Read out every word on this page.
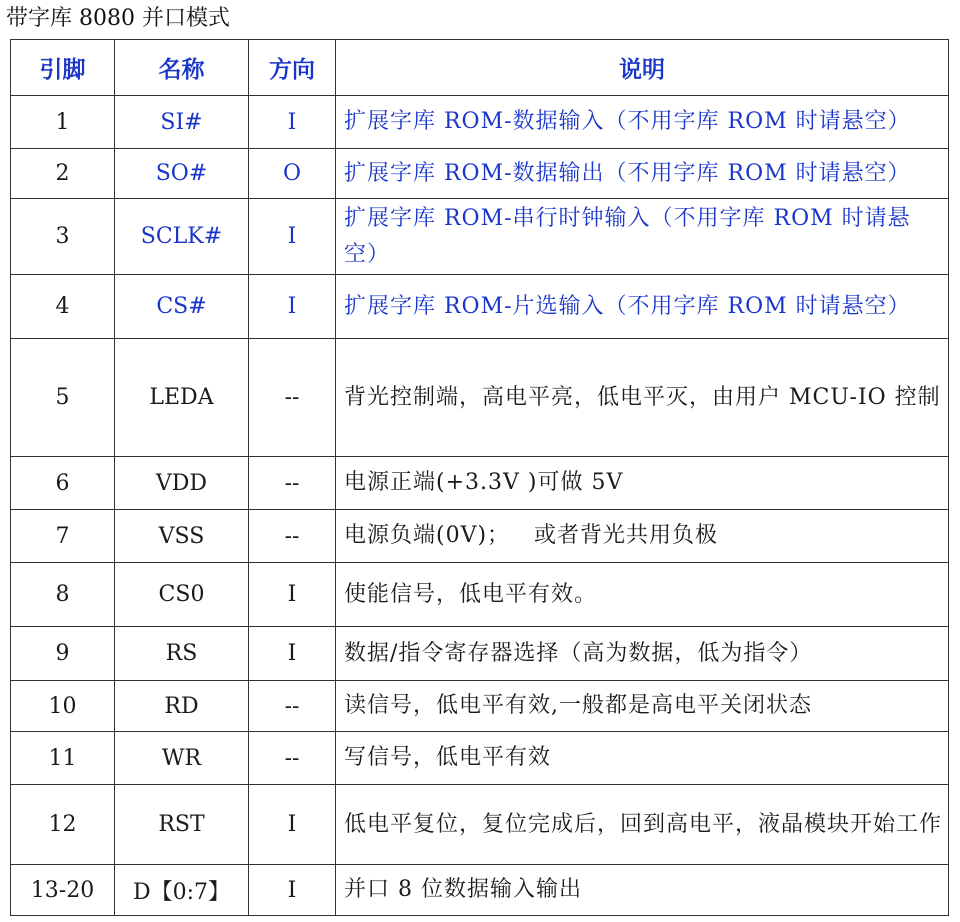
带字库 8080 并口模式
引脚	名称	方向	说明
1	SI#	I	扩展字库 ROM-数据输入（不用字库 ROM 时请悬空）
2	SO#	O	扩展字库 ROM-数据输出（不用字库 ROM 时请悬空）
3	SCLK#	I	扩展字库 ROM-串行时钟输入（不用字库 ROM 时请悬空）
4	CS#	I	扩展字库 ROM-片选输入（不用字库 ROM 时请悬空）
5	LEDA	--	背光控制端，高电平亮，低电平灭，由用户 MCU-IO 控制
6	VDD	--	电源正端(+3.3V )可做 5V
7	VSS	--	电源负端(0V)；   或者背光共用负极
8	CS0	I	使能信号，低电平有效。
9	RS	I	数据/指令寄存器选择（高为数据，低为指令）
10	RD	--	读信号，低电平有效,一般都是高电平关闭状态
11	WR	--	写信号，低电平有效
12	RST	I	低电平复位，复位完成后，回到高电平，液晶模块开始工作
13-20	D【0:7】	I	并口 8 位数据输入输出
